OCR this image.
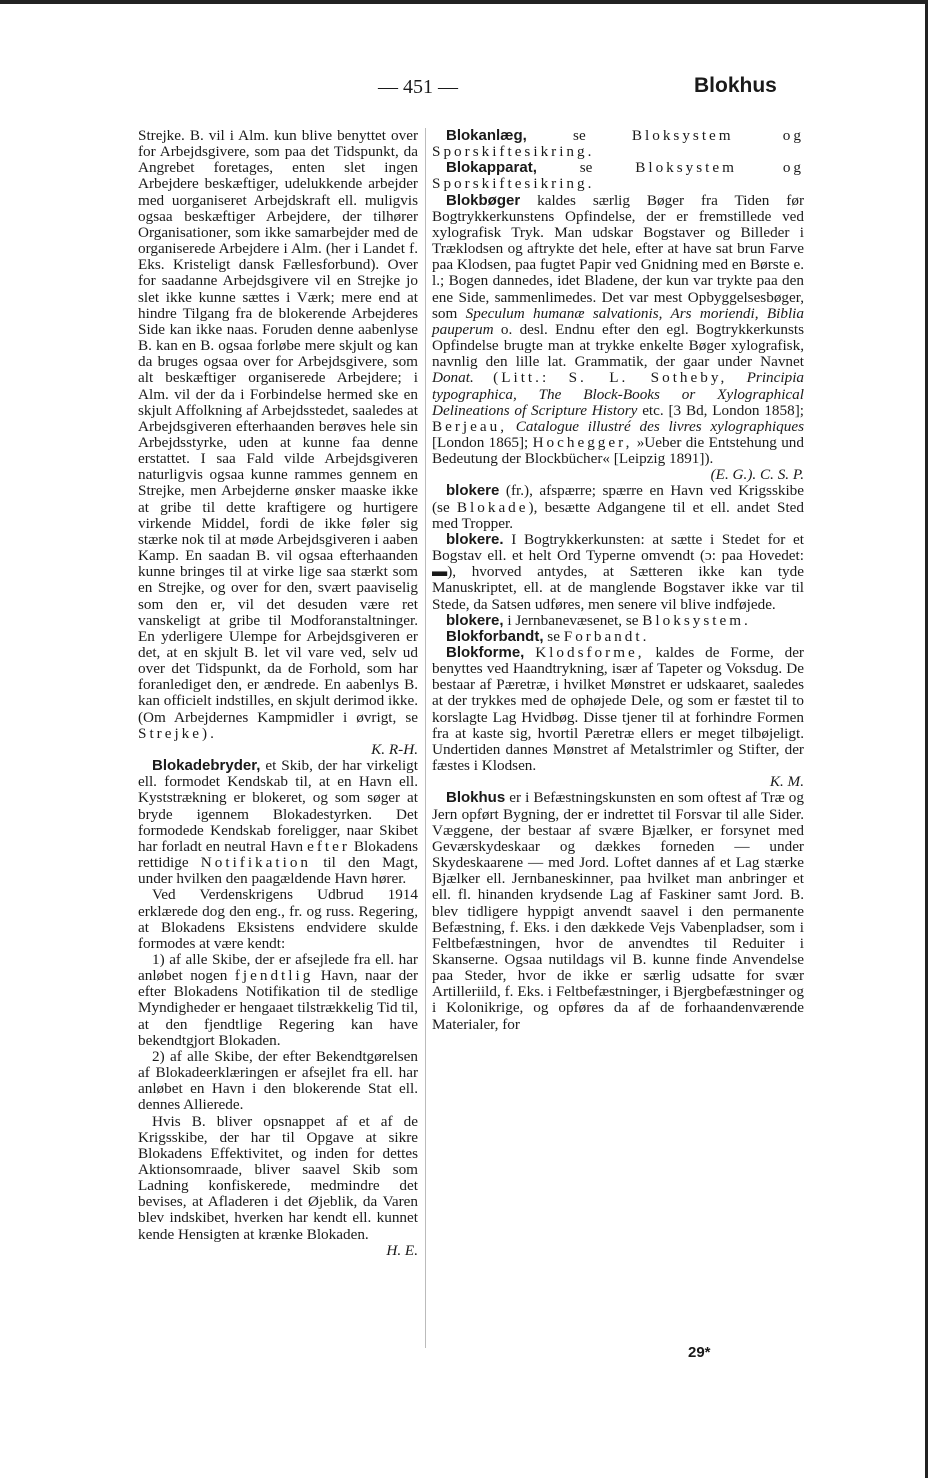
— 451 —	Blokhus

Strejke. B. vil i Alm. kun blive benyttet over for Arbejdsgivere, som paa det Tidspunkt, da Angrebet foretages, enten slet ingen Arbejdere beskæftiger, udelukkende arbejder med uorganiseret Arbejdskraft ell. muligvis ogsaa beskæftiger Arbejdere, der tilhører Organisationer, som ikke samarbejder med de organiserede Arbejdere i Alm. (her i Landet f. Eks. Kristeligt dansk Fællesforbund). Over for saadanne Arbejdsgivere vil en Strejke jo slet ikke kunne sættes i Værk; mere end at hindre Tilgang fra de blokerende Arbejderes Side kan ikke naas. Foruden denne aabenlyse B. kan en B. ogsaa forløbe mere skjult og kan da bruges ogsaa over for Arbejdsgivere, som alt beskæftiger organiserede Arbejdere; i Alm. vil der da i Forbindelse hermed ske en skjult Affolkning af Arbejdsstedet, saaledes at Arbejdsgiveren efterhaanden berøves hele sin Arbejdsstyrke, uden at kunne faa denne erstattet. I saa Fald vilde Arbejdsgiveren naturligvis ogsaa kunne rammes gennem en Strejke, men Arbejderne ønsker maaske ikke at gribe til dette kraftigere og hurtigere virkende Middel, fordi de ikke føler sig stærke nok til at møde Arbejdsgiveren i aaben Kamp. En saadan B. vil ogsaa efterhaanden kunne bringes til at virke lige saa stærkt som en Strejke, og over for den, svært paaviselig som den er, vil det desuden være ret vanskeligt at gribe til Modforanstaltninger. En yderligere Ulempe for Arbejdsgiveren er det, at en skjult B. let vil vare ved, selv ud over det Tidspunkt, da de Forhold, som har foranlediget den, er ændrede. En aabenlys B. kan officielt indstilles, en skjult derimod ikke. (Om Arbejdernes Kampmidler i øvrigt, se Strejke).
K. R-H.

Blokadebryder, et Skib, der har virkeligt ell. formodet Kendskab til, at en Havn ell. Kyststrækning er blokeret, og som søger at bryde igennem Blokadestyrken. Det formodede Kendskab foreligger, naar Skibet har forladt en neutral Havn efter Blokadens rettidige Notifikation til den Magt, under hvilken den paagældende Havn hører.

Ved Verdenskrigens Udbrud 1914 erklærede dog den eng., fr. og russ. Regering, at Blokadens Eksistens endvidere skulde formodes at være kendt:

1) af alle Skibe, der er afsejlede fra ell. har anløbet nogen fjendtlig Havn, naar der efter Blokadens Notifikation til de stedlige Myndigheder er hengaaet tilstrækkelig Tid til, at den fjendtlige Regering kan have bekendtgjort Blokaden.

2) af alle Skibe, der efter Bekendtgørelsen af Blokadeerklæringen er afsejlet fra ell. har anløbet en Havn i den blokerende Stat ell. dennes Allierede.

Hvis B. bliver opsnappet af et af de Krigsskibe, der har til Opgave at sikre Blokadens Effektivitet, og inden for dettes Aktionsomraade, bliver saavel Skib som Ladning konfiskerede, medmindre det bevises, at Afladeren i det Øjeblik, da Varen blev indskibet, hverken har kendt ell. kunnet kende Hensigten at krænke Blokaden.
H. E.

Blokanlæg,	se	Bloksystem og Sporskiftesikring.

Blokapparat,	se	Bloksystem og Sporskiftesikring.

Blokbøger kaldes særlig Bøger fra Tiden før Bogtrykkerkunstens Opfindelse, der er fremstillede ved xylografisk Tryk. Man udskar Bogstaver og Billeder i Træklodsen og aftrykte det hele, efter at have sat brun Farve paa Klodsen, paa fugtet Papir ved Gnidning med en Børste e. l.; Bogen dannedes, idet Bladene, der kun var trykte paa den ene Side, sammenlimedes. Det var mest Opbyggelsesbøger, som Speculum humanæ salvationis, Ars moriendi, Biblia pauperum o. desl. Endnu efter den egl. Bogtrykkerkunsts Opfindelse brugte man at trykke enkelte Bøger xylografisk, navnlig den lille lat. Grammatik, der gaar under Navnet Donat. (Litt.: S. L. Sotheby, Principia typographica, The Block-Books or Xylographical Delineations of Scripture History etc. [3 Bd, London 1858]; Berjeau, Catalogue illustré des livres xylographiques [London 1865]; Hochegger, »Ueber die Entstehung und Bedeutung der Blockbücher« [Leipzig 1891]).
(E. G.). C. S. P.

blokere (fr.), afspærre; spærre en Havn ved Krigsskibe (se Blokade), besætte Adgangene til et ell. andet Sted med Tropper.

blokere. I Bogtrykkerkunsten: at sætte i Stedet for et Bogstav ell. et helt Ord Typerne omvendt (ɔ: paa Hovedet: ▬), hvorved antydes, at Sætteren ikke kan tyde Manuskriptet, ell. at de manglende Bogstaver ikke var til Stede, da Satsen udføres, men senere vil blive indføjede.

blokere, i Jernbanevæsenet, se Bloksystem.

Blokforbandt, se Forbandt.

Blokforme, Klodsforme, kaldes de Forme, der benyttes ved Haandtrykning, især af Tapeter og Voksdug. De bestaar af Pæretræ, i hvilket Mønstret er udskaaret, saaledes at der trykkes med de ophøjede Dele, og som er fæstet til to korslagte Lag Hvidbøg. Disse tjener til at forhindre Formen fra at kaste sig, hvortil Pæretræ ellers er meget tilbøjeligt. Undertiden dannes Mønstret af Metalstrimler og Stifter, der fæstes i Klodsen.
K. M.

Blokhus er i Befæstningskunsten en som oftest af Træ og Jern opført Bygning, der er indrettet til Forsvar til alle Sider. Væggene, der bestaar af svære Bjælker, er forsynet med Geværskydeskaar og dækkes forneden — under Skydeskaarene — med Jord. Loftet dannes af et Lag stærke Bjælker ell. Jernbaneskinner, paa hvilket man anbringer et ell. fl. hinanden krydsende Lag af Faskiner samt Jord. B. blev tidligere hyppigt anvendt saavel i den permanente Befæstning, f. Eks. i den dækkede Vejs Vabenpladser, som i Feltbefæstningen, hvor de anvendtes til Reduiter i Skanserne. Ogsaa nutildags vil B. kunne finde Anvendelse paa Steder, hvor de ikke er særlig udsatte for svær Artilleriild, f. Eks. i Feltbefæstninger, i Bjergbefæstninger og i Kolonikrige, og opføres da af de forhaandenværende Materialer, for

29*
